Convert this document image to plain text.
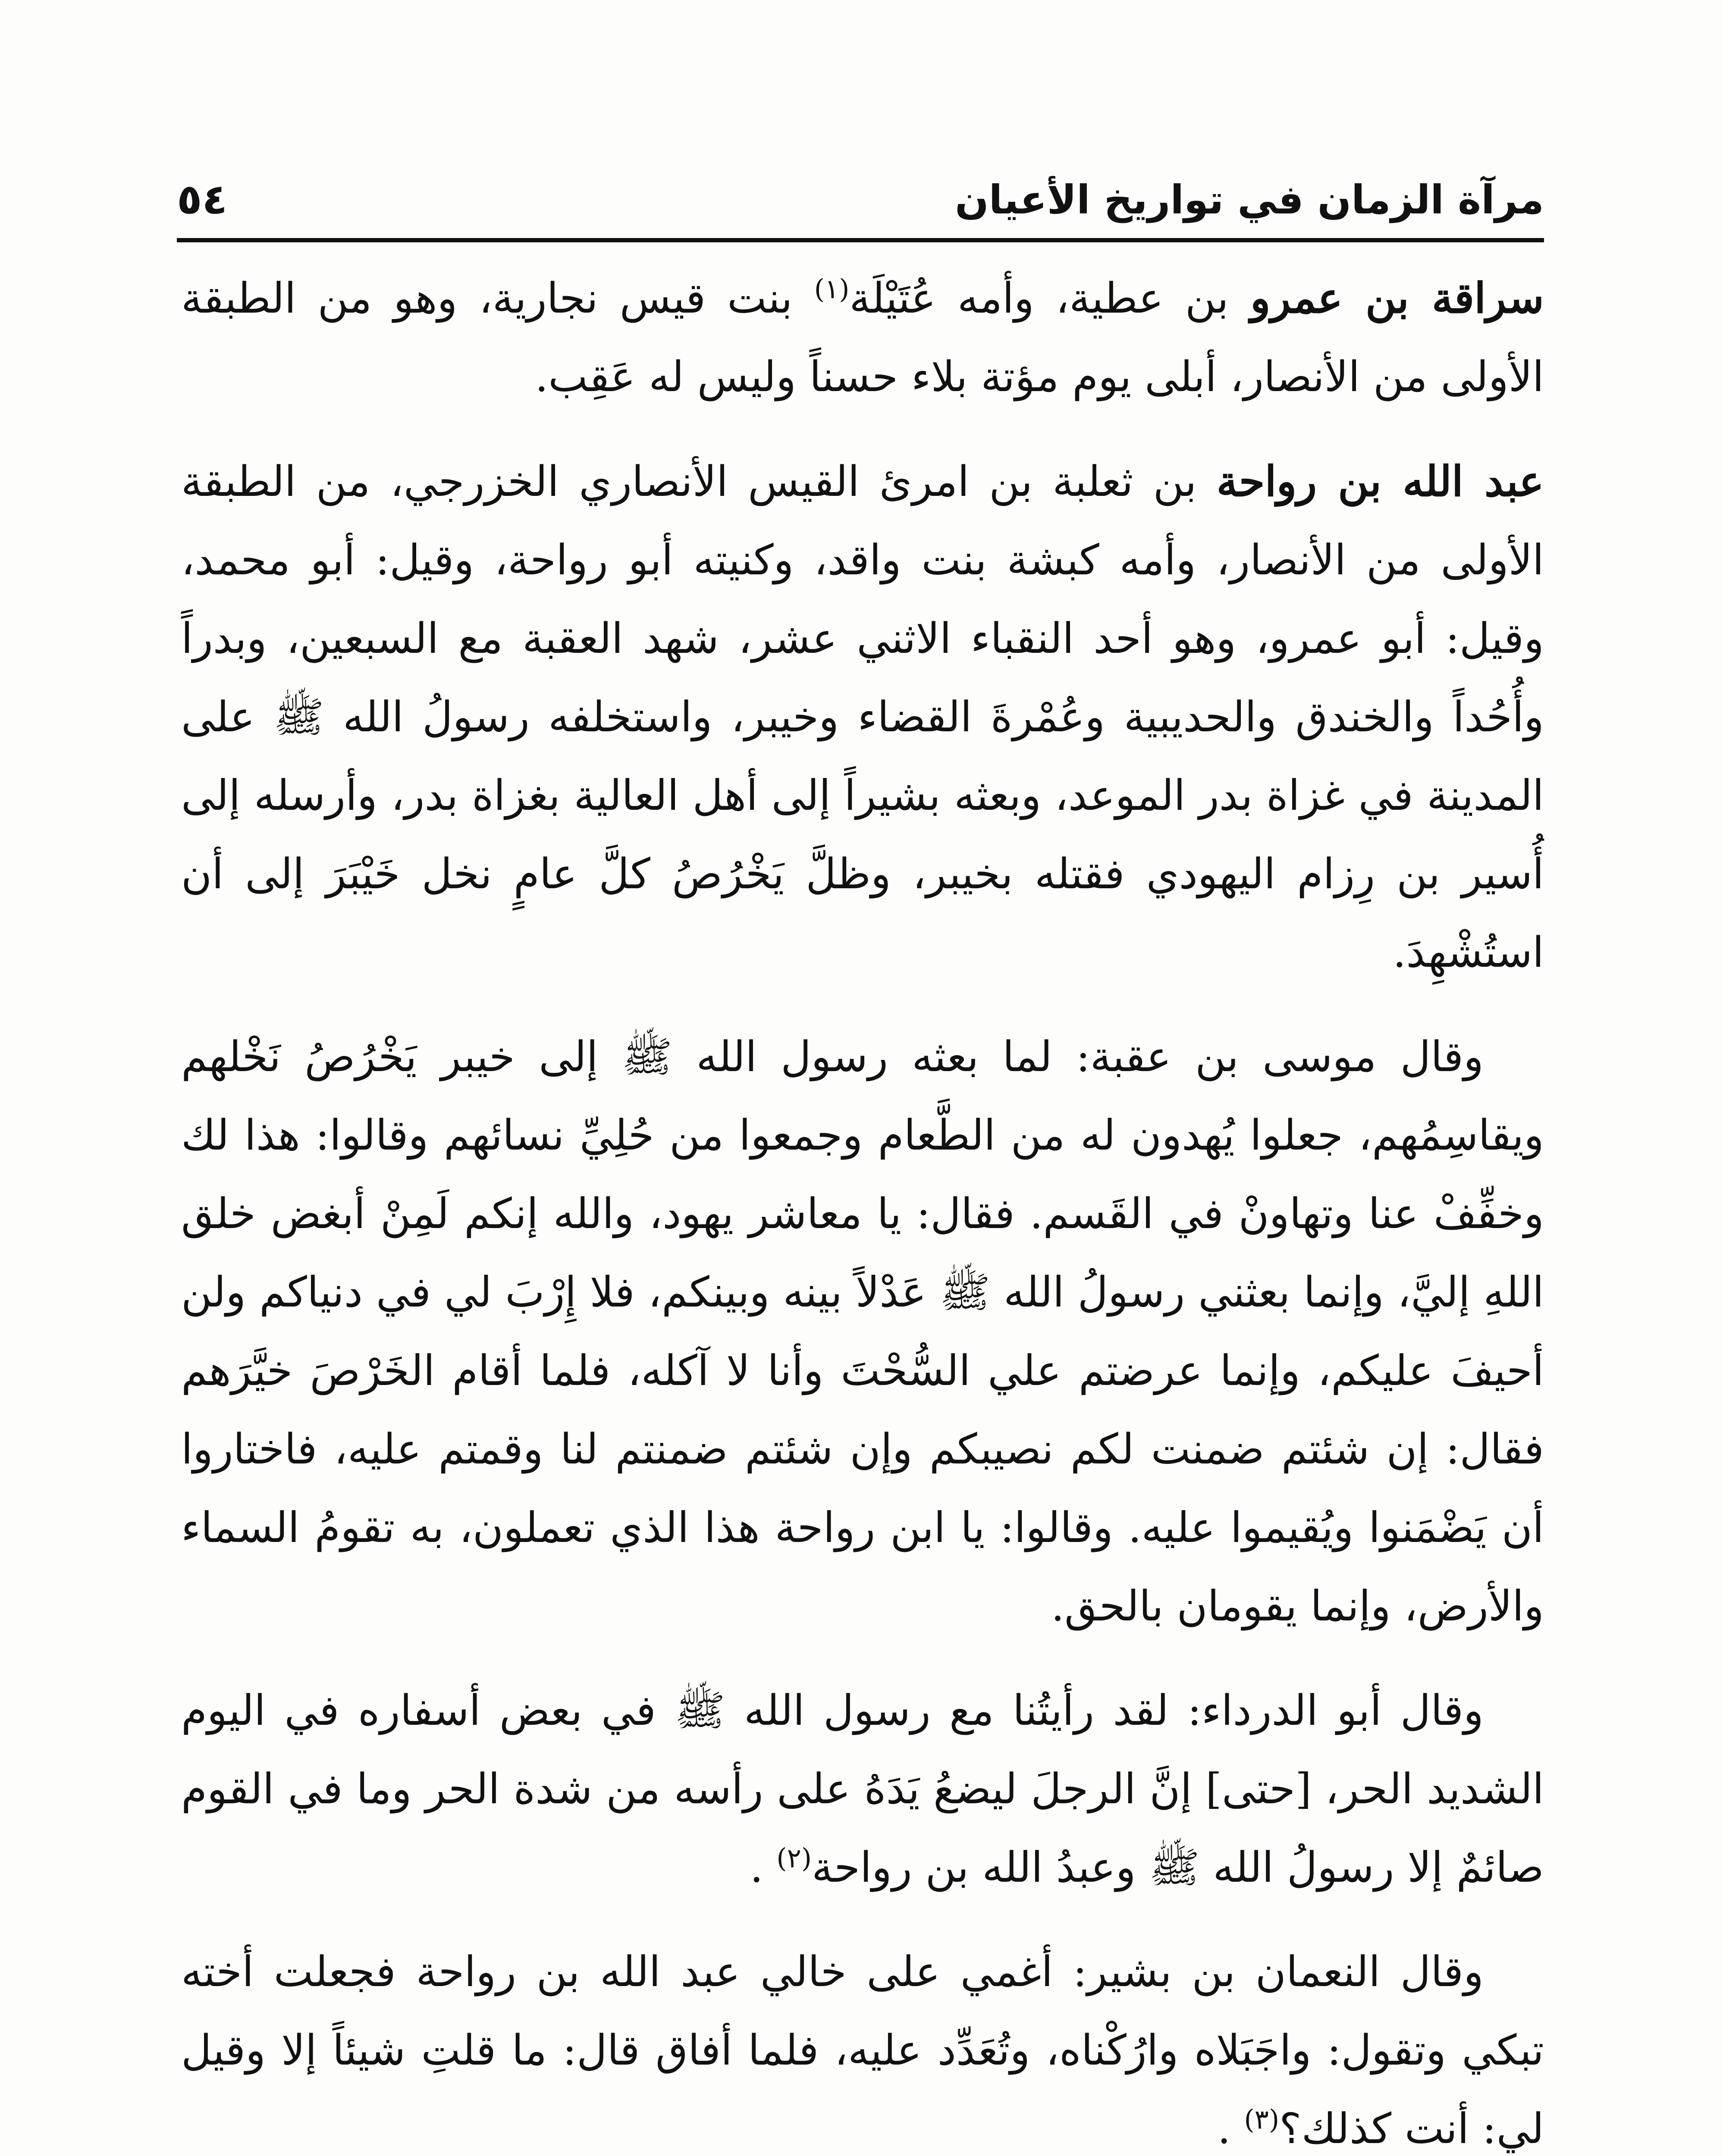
مرآة الزمان في تواريخ الأعيان
٥٤

سراقة بن عمرو بن عطية، وأمه عُتَيْلَة$^{(١)}$ بنت قيس نجارية، وهو من الطبقة الأولى من الأنصار، أبلى يوم مؤتة بلاء حسناً وليس له عَقِب.

عبد الله بن رواحة بن ثعلبة بن امرئ القيس الأنصاري الخزرجي، من الطبقة الأولى من الأنصار، وأمه كبشة بنت واقد، وكنيته أبو رواحة، وقيل: أبو محمد، وقيل: أبو عمرو، وهو أحد النقباء الاثني عشر، شهد العقبة مع السبعين، وبدراً وأُحُداً والخندق والحديبية وعُمْرةَ القضاء وخيبر، واستخلفه رسولُ الله ﷺ على المدينة في غزاة بدر الموعد، وبعثه بشيراً إلى أهل العالية بغزاة بدر، وأرسله إلى أُسير بن رِزام اليهودي فقتله بخيبر، وظلَّ يَخْرُصُ كلَّ عامٍ نخل خَيْبَرَ إلى أن استُشْهِدَ.

وقال موسى بن عقبة: لما بعثه رسول الله ﷺ إلى خيبر يَخْرُصُ نَخْلهم ويقاسِمُهم، جعلوا يُهدون له من الطَّعام وجمعوا من حُلِيِّ نسائهم وقالوا: هذا لك وخفِّفْ عنا وتهاونْ في القَسم. فقال: يا معاشر يهود، والله إنكم لَمِنْ أبغض خلق اللهِ إليَّ، وإنما بعثني رسولُ الله ﷺ عَدْلاً بينه وبينكم، فلا إِرْبَ لي في دنياكم ولن أحيفَ عليكم، وإنما عرضتم علي السُّحْتَ وأنا لا آكله، فلما أقام الخَرْصَ خيَّرَهم فقال: إن شئتم ضمنت لكم نصيبكم وإن شئتم ضمنتم لنا وقمتم عليه، فاختاروا أن يَضْمَنوا ويُقيموا عليه. وقالوا: يا ابن رواحة هذا الذي تعملون، به تقومُ السماء والأرض، وإنما يقومان بالحق.

وقال أبو الدرداء: لقد رأيتُنا مع رسول الله ﷺ في بعض أسفاره في اليوم الشديد الحر، [حتى] إنَّ الرجلَ ليضعُ يَدَهُ على رأسه من شدة الحر وما في القوم صائمٌ إلا رسولُ الله ﷺ وعبدُ الله بن رواحة$^{(٢)}$ .

وقال النعمان بن بشير: أغمي على خالي عبد الله بن رواحة فجعلت أخته تبكي وتقول: واجَبَلاه وارُكْناه، وتُعَدِّد عليه، فلما أفاق قال: ما قلتِ شيئاً إلا وقيل لي: أنت كذلك؟$^{(٣)}$ .
